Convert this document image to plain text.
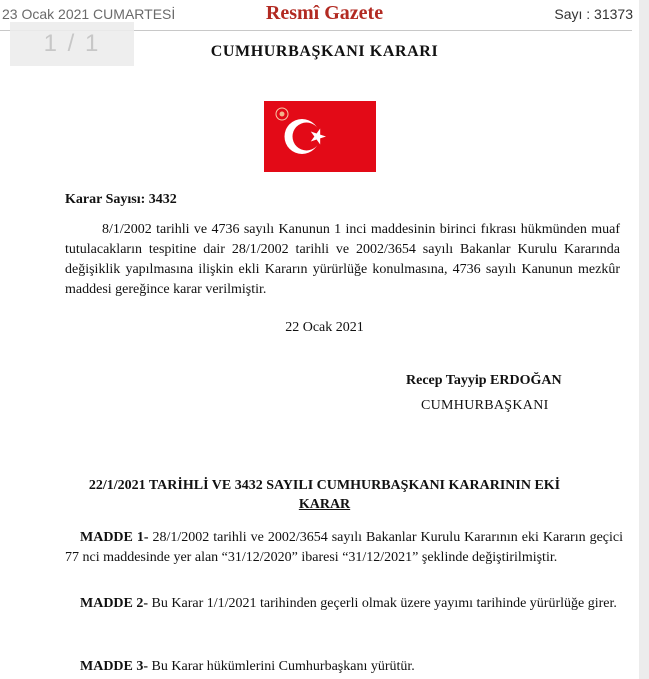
23 Ocak 2021 CUMARTESİ	Resmî Gazete	Sayı : 31373
1 / 1	CUMHURBAŞKANI KARARI
Karar Sayısı: 3432
8/1/2002 tarihli ve 4736 sayılı Kanunun 1 inci maddesinin birinci fıkrası hükmünden muaf tutulacakların tespitine dair 28/1/2002 tarihli ve 2002/3654 sayılı Bakanlar Kurulu Kararında değişiklik yapılmasına ilişkin ekli Kararın yürürlüğe konulmasına, 4736 sayılı Kanunun mezkûr maddesi gereğince karar verilmiştir.
22 Ocak 2021
Recep Tayyip ERDOĞAN
CUMHURBAŞKANI
22/1/2021 TARİHLİ VE 3432 SAYILI CUMHURBAŞKANI KARARININ EKİ
KARAR
MADDE 1- 28/1/2002 tarihli ve 2002/3654 sayılı Bakanlar Kurulu Kararının eki Kararın geçici 77 nci maddesinde yer alan “31/12/2020” ibaresi “31/12/2021” şeklinde değiştirilmiştir.
MADDE 2- Bu Karar 1/1/2021 tarihinden geçerli olmak üzere yayımı tarihinde yürürlüğe girer.
MADDE 3- Bu Karar hükümlerini Cumhurbaşkanı yürütür.
